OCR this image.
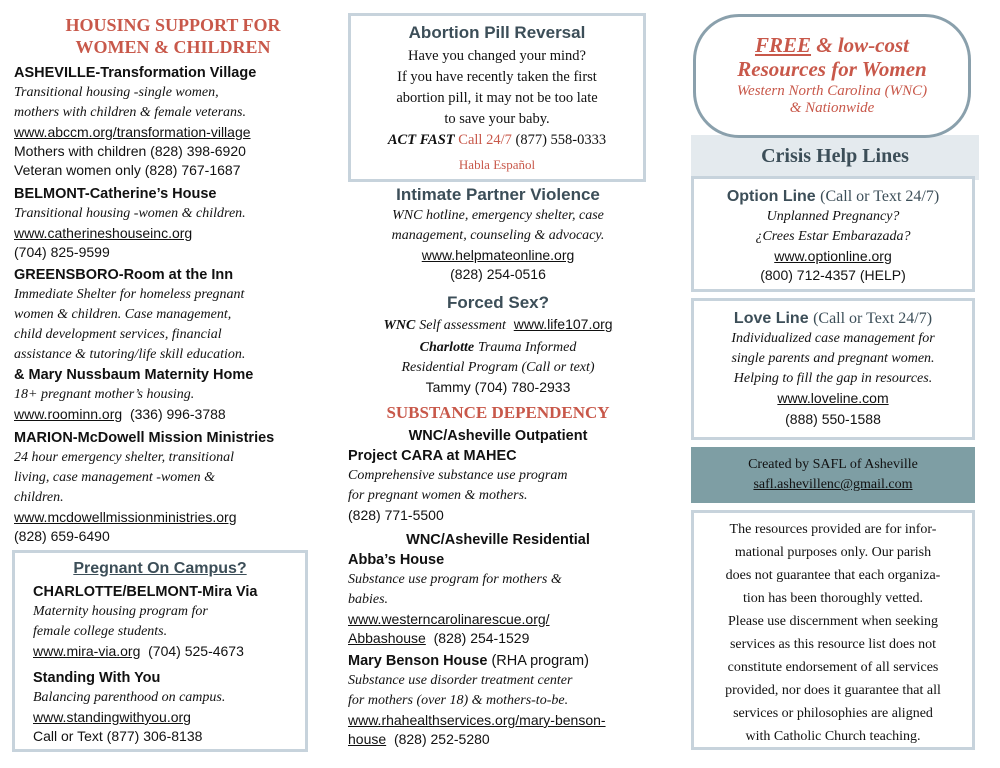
HOUSING SUPPORT FOR
WOMEN & CHILDREN
ASHEVILLE-Transformation Village
Transitional housing -single women,
mothers with children & female veterans.
www.abccm.org/transformation-village
Mothers with children (828) 398-6920
Veteran women only (828) 767-1687
BELMONT-Catherine’s House
Transitional housing -women & children.
www.catherineshouseinc.org
(704) 825-9599
GREENSBORO-Room at the Inn
Immediate Shelter for homeless pregnant
women & children. Case management,
child development services, financial
assistance & tutoring/life skill education.
& Mary Nussbaum Maternity Home
18+ pregnant mother’s housing.
www.roominn.org (336) 996-3788
MARION-McDowell Mission Ministries
24 hour emergency shelter, transitional
living, case management -women &
children.
www.mcdowellmissionministries.org
(828) 659-6490
Pregnant On Campus?
CHARLOTTE/BELMONT-Mira Via
Maternity housing program for
female college students.
www.mira-via.org (704) 525-4673
Standing With You
Balancing parenthood on campus.
www.standingwithyou.org
Call or Text (877) 306-8138
Abortion Pill Reversal
Have you changed your mind?
If you have recently taken the first
abortion pill, it may not be too late
to save your baby.
ACT FAST Call 24/7 (877) 558-0333
Habla Español
Intimate Partner Violence
WNC hotline, emergency shelter, case
management, counseling & advocacy.
www.helpmateonline.org
(828) 254-0516
Forced Sex?
WNC Self assessment www.life107.org
Charlotte Trauma Informed
Residential Program (Call or text)
Tammy (704) 780-2933
SUBSTANCE DEPENDENCY
WNC/Asheville Outpatient
Project CARA at MAHEC
Comprehensive substance use program
for pregnant women & mothers.
(828) 771-5500
WNC/Asheville Residential
Abba’s House
Substance use program for mothers &
babies.
www.westerncarolinarescue.org/
Abbashouse (828) 254-1529
Mary Benson House (RHA program)
Substance use disorder treatment center
for mothers (over 18) & mothers-to-be.
www.rhahealthservices.org/mary-benson-
house (828) 252-5280
FREE & low-cost
Resources for Women
Western North Carolina (WNC)
& Nationwide
Crisis Help Lines
Option Line (Call or Text 24/7)
Unplanned Pregnancy?
¿Crees Estar Embarazada?
www.optionline.org
(800) 712-4357 (HELP)
Love Line (Call or Text 24/7)
Individualized case management for
single parents and pregnant women.
Helping to fill the gap in resources.
www.loveline.com
(888) 550-1588
Created by SAFL of Asheville
safl.ashevillenc@gmail.com
The resources provided are for infor-
mational purposes only. Our parish
does not guarantee that each organiza-
tion has been thoroughly vetted.
Please use discernment when seeking
services as this resource list does not
constitute endorsement of all services
provided, nor does it guarantee that all
services or philosophies are aligned
with Catholic Church teaching.
